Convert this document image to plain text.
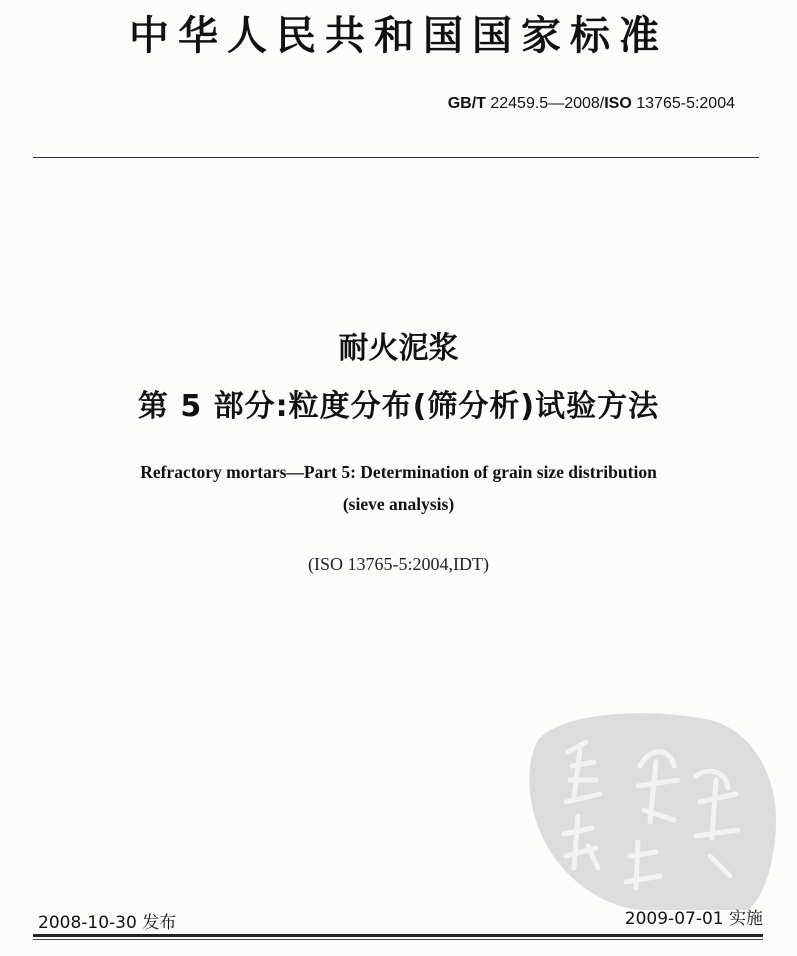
中华人民共和国国家标准
GB/T 22459.5—2008/ISO 13765-5:2004
耐火泥浆
第 5 部分:粒度分布(筛分析)试验方法
Refractory mortars—Part 5: Determination of grain size distribution
(sieve analysis)
(ISO 13765-5:2004,IDT)
2008-10-30 发布	2009-07-01 实施
